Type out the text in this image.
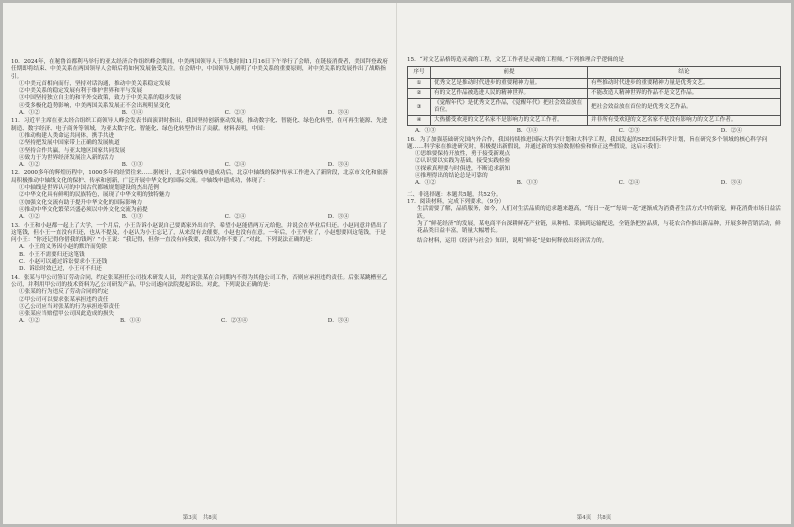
10．2024年，在秘鲁首都利马举行的亚太经济合作组织峰会期间，中美两国领导人于当地时间11月16日下午举行了会晤，在链接消费者，美国拜登政府任期即将结束、中美关系在两国领导人会晤后将如何发展备受关注。在会晤中，中国领导人阐明了中美关系的重要原则，对中美关系的发展作出了战略指引。
①中美元首相向而行，坚持对话沟通，推动中美关系稳定发展
②中美关系的稳定发展有利于维护世界和平与发展
③中国坚持独立自主的和平外交政策，致力于中美关系的稳步发展
④受多极化趋势影响，中美两国关系发展正不会出现明显变化
A．①②	B．①④	C．②③	D．③④
11．习近平主席在亚太经合组织工商领导人峰会发表书面演讲时指出，我国坚持创新驱动发展，推动数字化、智能化、绿色化转型，在可再生能源、先进制造、数字经济、电子商务等领域，为亚太数字化、智能化、绿色化转型作出了贡献。材料表明，中国：
①推动构建人类命运共同体，携手共进
②坚持把发展中国家带上正确的发展轨道
③坚持合作共赢，与亚太地区国家共同发展
④致力于为世界经济发展注入新的活力
A．①②	B．①③	C．②④	D．③④
12．2000多年的辉煌历程中，1000多年的经贸往来……据统计，北京中轴线申遗成功后，北京中轴线的保护传承工作进入了新阶段，北京市文化和旅游局积极推动中轴线文化的保护、传承和创新，广泛开展中华文化的国际交流。中轴线申遗成功，体现了：
①中轴线是世界认可的中国古代都城规划建设的杰出范例
②中华文化具有鲜明的民族特色，展现了中华文明的独特魅力
③加强文化交流有助于提升中华文化的国际影响力
④推动中华文化繁荣兴盛必须以中外文化交流为前提
A．①②	B．①③	C．②④	D．③④
13．小王和小赵都一起上了大学，一个月后，小王告诉小赵说自己要离家外出自学，希望小赵能借两万元给他，并说会在毕业后归还。小赵同意并借出了这笔钱，但小王一直没有归还，也从不提及，小赵认为小王忘记了，从来没有去催要，小赵也没有在意。一年后，小王毕业了，小赵想要回这笔钱，于是问小王：“你还记得你借我的钱吗？”小王说：“我记得，但你一直没有向我要，我以为你不要了。”对此，下列说法正确的是：
A．小王的义务因小赵的默许而免除
B．小王不需要归还这笔钱
C．小赵可以通过诉讼要求小王还钱
D．诉讼时效已过，小王可不归还
14．张某与甲公司签订劳动合同，约定张某担任公司技术研发人员，并约定张某在合同期内不得为其他公司工作，否则应承担违约责任。后张某跳槽至乙公司，并利用甲公司的技术资料为乙公司研发产品，甲公司遂向法院提起诉讼。对此，下列说法正确的是：
①张某的行为违反了劳动合同的约定
②甲公司可以要求张某承担违约责任
③乙公司应当对张某的行为承担连带责任
④张某应当赔偿甲公司因此造成的损失
A．①②	B．①④	C．②③④	D．③④
第3页　共8页
15．“对文艺品格铸造灵魂的工程，文艺工作者是灵魂的工程师。”下列推理合乎逻辑的是
序号	前提	结论
①	优秀文艺是推动时代进步的重要精神力量。	有些推动时代进步的重要精神力量是优秀文艺。
②	有的文艺作品被选进人民的精神世界。	不能改造人精神世界的作品不是文艺作品。
③	《觉醒年代》是优秀文艺作品，《觉醒年代》把社会效益放在首位。	把社会效益放在首位的是优秀文艺作品。
④	大热播受欢迎的文艺名家不是影响力的文艺工作者。	并非所有受欢迎的文艺名家不是没有影响力的文艺工作者。
A．①③	B．①④	C．②③	D．②④
16．为了加强基础研究国内外合作，我国持续推进国际大科学计划和大科学工程，我国发起的SEE国际科学计划，旨在研究多个领域的核心科学问题……科学家在推进研究时，积极提出新假说，并通过新的实验数据检验和修正这些假说，这启示我们：
①思维要保持开放性，勇于接受新观点
②认识要以实践为基础，接受实践检验
③探索真理要与时俱进，不断追求新知
④推理得出的结论总是可靠的
A．①②	B．①③	C．②④	D．③④
二、非选择题：本题共5题，共52分。
17．阅读材料，完成下列要求。（9分）
生活需要了解，品质服务，如今，人们对生活品质的追求越来越高，“每日一花”“每周一花”逐渐成为消费者生活方式中的新宠，鲜花消费市场日益活跃。
为了“鲜花经济”的发展，某电商平台深耕鲜花产业链，从种植、采摘到运输配送，全链条把控品质，与花农合作推出新品种，开展多种营销活动，鲜花品类日益丰富，销量大幅增长。
结合材料，运用《经济与社会》知识，说明“鲜花”是如何释放出经济活力的。
第4页　共8页
